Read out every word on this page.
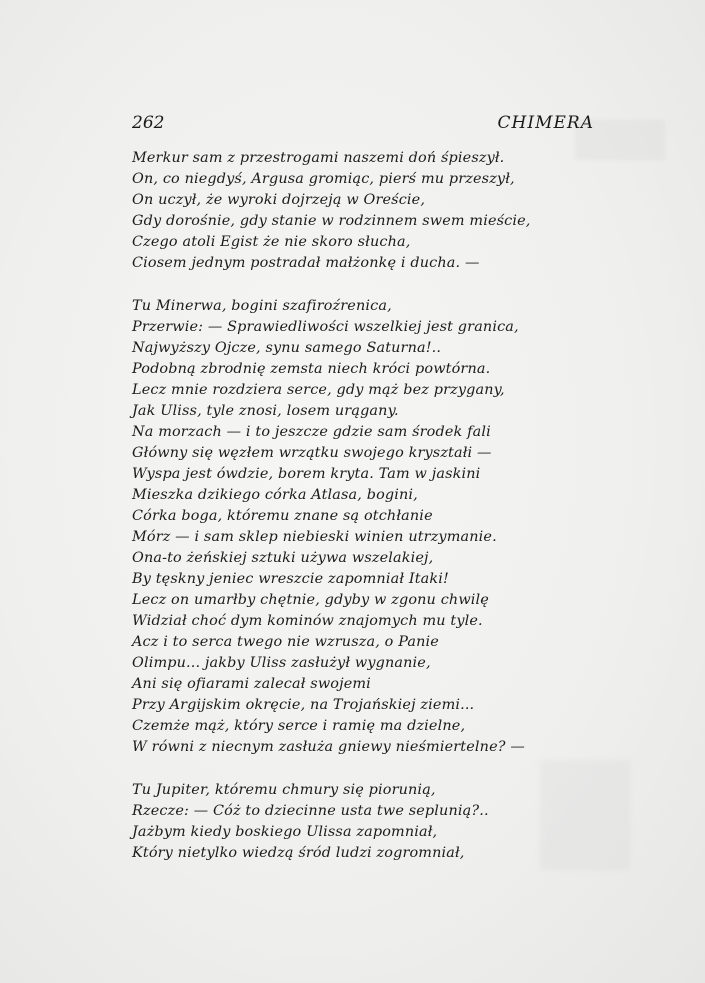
262	CHIMERA
Merkur sam z przestrogami naszemi doń śpieszył.
On, co niegdyś, Argusa gromiąc, pierś mu przeszył,
On uczył, że wyroki dojrzeją w Oreście,
Gdy dorośnie, gdy stanie w rodzinnem swem mieście,
Czego atoli Egist że nie skoro słucha,
Ciosem jednym postradał małżonkę i ducha. —
Tu Minerwa, bogini szafiroźrenica,
Przerwie: — Sprawiedliwości wszelkiej jest granica,
Najwyższy Ojcze, synu samego Saturna!..
Podobną zbrodnię zemsta niech króci powtórna.
Lecz mnie rozdziera serce, gdy mąż bez przygany,
Jak Uliss, tyle znosi, losem urągany.
Na morzach — i to jeszcze gdzie sam środek fali
Główny się węzłem wrzątku swojego kryształi —
Wyspa jest ówdzie, borem kryta. Tam w jaskini
Mieszka dzikiego córka Atlasa, bogini,
Córka boga, któremu znane są otchłanie
Mórz — i sam sklep niebieski winien utrzymanie.
Ona-to żeńskiej sztuki używa wszelakiej,
By tęskny jeniec wreszcie zapomniał Itaki!
Lecz on umarłby chętnie, gdyby w zgonu chwilę
Widział choć dym kominów znajomych mu tyle.
Acz i to serca twego nie wzrusza, o Panie
Olimpu... jakby Uliss zasłużył wygnanie,
Ani się ofiarami zalecał swojemi
Przy Argijskim okręcie, na Trojańskiej ziemi...
Czemże mąż, który serce i ramię ma dzielne,
W równi z niecnym zasłuża gniewy nieśmiertelne? —
Tu Jupiter, któremu chmury się piorunią,
Rzecze: — Cóż to dziecinne usta twe seplunią?..
Jażbym kiedy boskiego Ulissa zapomniał,
Który nietylko wiedzą śród ludzi zogromniał,
